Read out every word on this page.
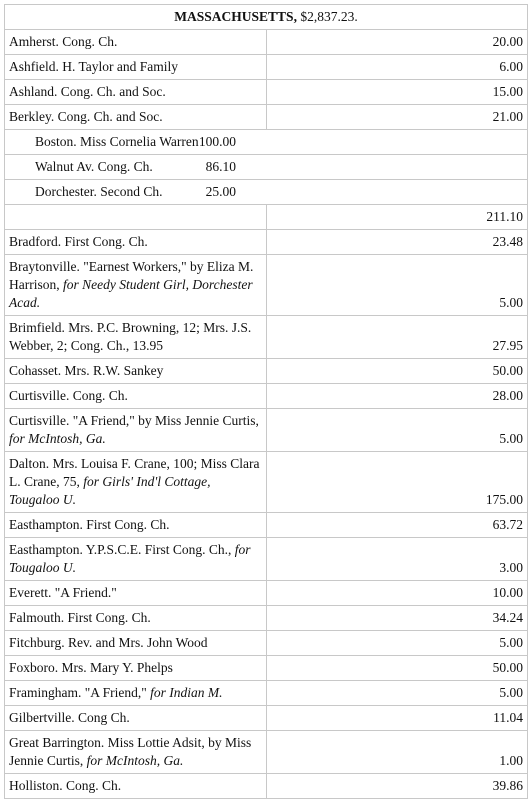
MASSACHUSETTS, $2,837.23.	
Amherst. Cong. Ch.	20.00
Ashfield. H. Taylor and Family	6.00
Ashland. Cong. Ch. and Soc.	15.00
Berkley. Cong. Ch. and Soc.	21.00
Boston. Miss Cornelia Warren 100.00	

Walnut Av. Cong. Ch. 86.10	

Dorchester. Second Ch. 25.00	

	211.10
Bradford. First Cong. Ch.	23.48
Braytonville. "Earnest Workers," by Eliza M. Harrison, for Needy Student Girl, Dorchester Acad.	5.00
Brimfield. Mrs. P.C. Browning, 12; Mrs. J.S. Webber, 2; Cong. Ch., 13.95	27.95
Cohasset. Mrs. R.W. Sankey	50.00
Curtisville. Cong. Ch.	28.00
Curtisville. "A Friend," by Miss Jennie Curtis, for McIntosh, Ga.	5.00
Dalton. Mrs. Louisa F. Crane, 100; Miss Clara L. Crane, 75, for Girls' Ind'l Cottage, Tougaloo U.	175.00
Easthampton. First Cong. Ch.	63.72
Easthampton. Y.P.S.C.E. First Cong. Ch., for Tougaloo U.	3.00
Everett. "A Friend."	10.00
Falmouth. First Cong. Ch.	34.24
Fitchburg. Rev. and Mrs. John Wood	5.00
Foxboro. Mrs. Mary Y. Phelps	50.00
Framingham. "A Friend," for Indian M.	5.00
Gilbertville. Cong Ch.	11.04
Great Barrington. Miss Lottie Adsit, by Miss Jennie Curtis, for McIntosh, Ga.	1.00
Holliston. Cong. Ch.	39.86
